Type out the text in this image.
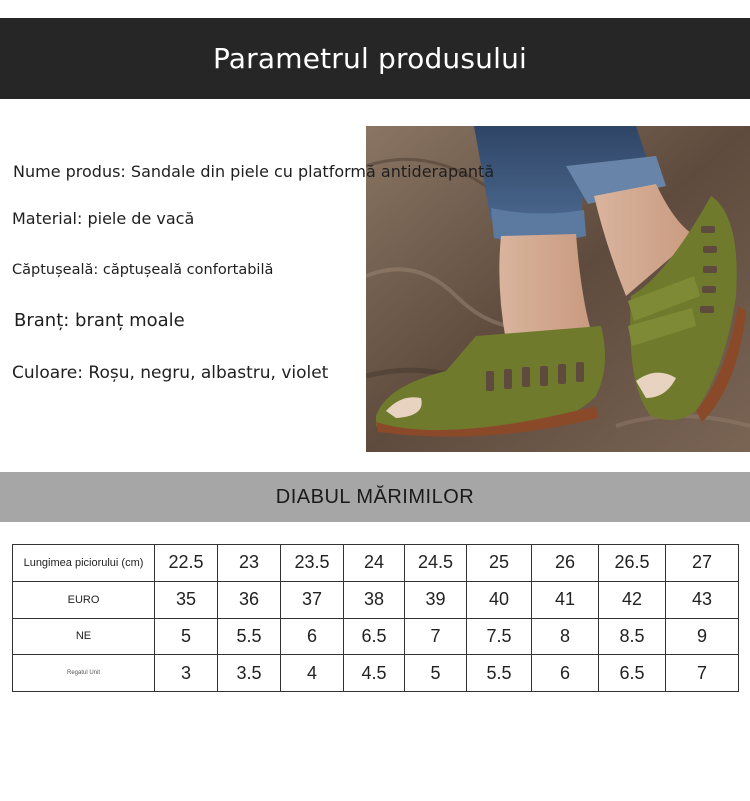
Parametrul produsului
Nume produs: Sandale din piele cu platformă antiderapantă
Material: piele de vacă
Căptușeală: căptușeală confortabilă
Branț: branț moale
Culoare: Roșu, negru, albastru, violet
DIABUL MĂRIMILOR
Lungimea piciorului (cm)	22.5	23	23.5	24	24.5	25	26	26.5	27
EURO	35	36	37	38	39	40	41	42	43
NE	5	5.5	6	6.5	7	7.5	8	8.5	9
Regatul Unit	3	3.5	4	4.5	5	5.5	6	6.5	7
